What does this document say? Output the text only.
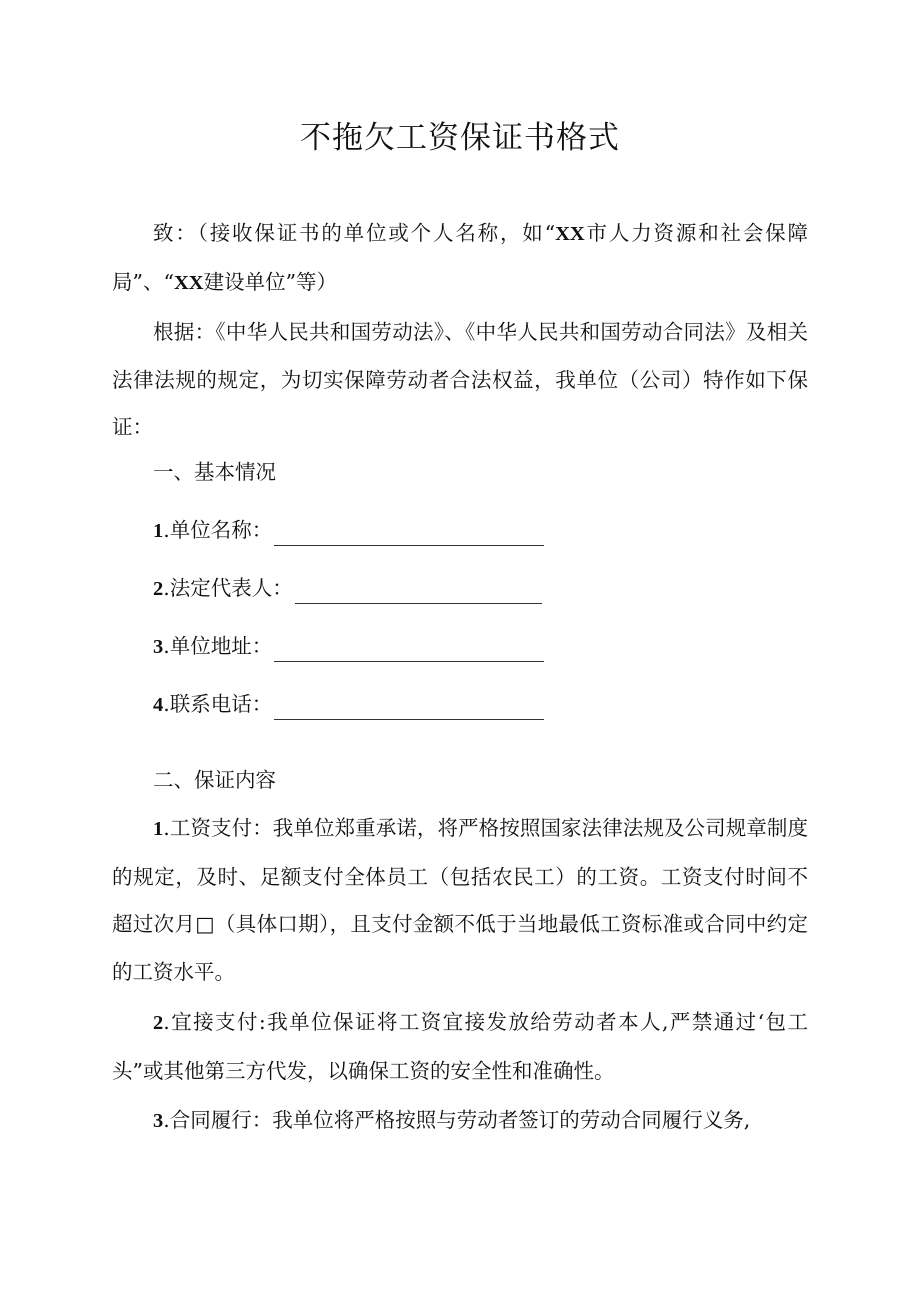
不拖欠工资保证书格式
致：（接收保证书的单位或个人名称，如“XX市人力资源和社会保障局”、“XX建设单位”等）
根据：《中华人民共和国劳动法》、《中华人民共和国劳动合同法》及相关法律法规的规定，为切实保障劳动者合法权益，我单位（公司）特作如下保证：
一、基本情况
1.单位名称：
2.法定代表人：
3.单位地址：
4.联系电话：
二、保证内容
1.工资支付：我单位郑重承诺，将严格按照国家法律法规及公司规章制度的规定，及时、足额支付全体员工（包括农民工）的工资。工资支付时间不超过次月□（具体口期），且支付金额不低于当地最低工资标准或合同中约定的工资水平。
2.宜接支付:我单位保证将工资宜接发放给劳动者本人,严禁通过‘包工头”或其他第三方代发，以确保工资的安全性和准确性。
3.合同履行：我单位将严格按照与劳动者签订的劳动合同履行义务,
